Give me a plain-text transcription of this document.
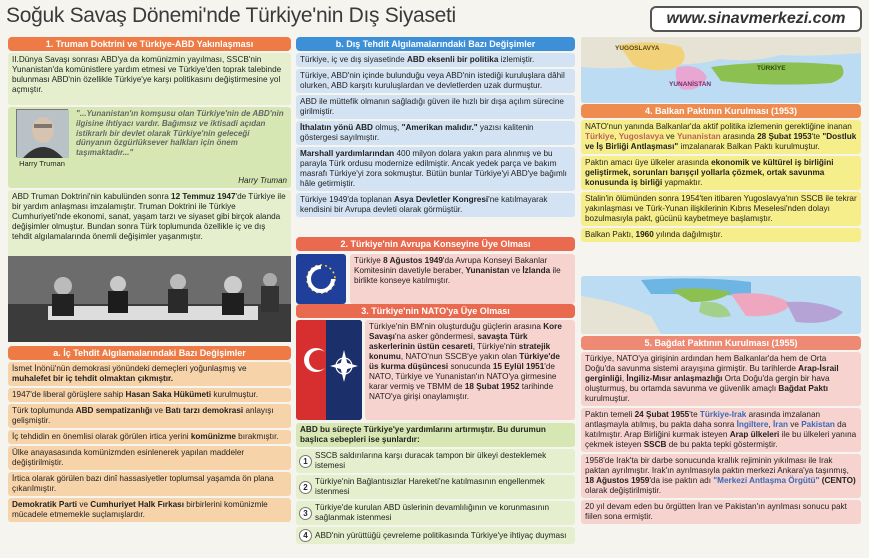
Soğuk Savaş Dönemi'nde Türkiye'nin Dış Siyaseti	www.sinavmerkezi.com
1. Truman Doktrini ve Türkiye-ABD Yakınlaşması
II.Dünya Savaşı sonrası ABD'ya da komünizmin yayılması, SSCB'nin Yunanistan'da komünistlere yardım etmesi ve Türkiye'den toprak talebinde bulunması ABD'nin özellikle Türkiye'ye karşı politikasını değiştirmesine yol açmıştır.
Harry Truman
"...Yunanistan'ın komşusu olan Türkiye'nin de ABD'nin ilgisine ihtiyacı vardır. Bağımsız ve iktisadi açıdan istikrarlı bir devlet olarak Türkiye'nin geleceği dünyanın özgürlüksever halkları için önem taşımaktadır..."
Harry Truman
ABD Truman Doktrini'nin kabulünden sonra 12 Temmuz 1947'de Türkiye ile bir yardım anlaşması imzalamıştır. Truman Doktrini ile Türkiye Cumhuriyeti'nde ekonomi, sanat, yaşam tarzı ve siyaset gibi birçok alanda değişimler olmuştur. Bundan sonra Türk toplumunda özellikle iç ve dış tehdit algılamalarında önemli değişimler yaşanmıştır.
a. İç Tehdit Algılamalarındaki Bazı Değişimler
İsmet İnönü'nün demokrasi yönündeki demeçleri yoğunlaşmış ve muhalefet bir iç tehdit olmaktan çıkmıştır.
1947'de liberal görüşlere sahip Hasan Saka Hükümeti kurulmuştur.
Türk toplumunda ABD sempatizanlığı ve Batı tarzı demokrasi anlayışı gelişmiştir.
İç tehdidin en önemlisi olarak görülen irtica yerini komünizme bırakmıştır.
Ülke anayasasında komünizmden esinlenerek yapılan maddeler değiştirilmiştir.
İrtica olarak görülen bazı dinî hassasiyetler toplumsal yaşamda ön plana çıkarılmıştır.
Demokratik Parti ve Cumhuriyet Halk Fırkası birbirlerini komünizmle mücadele etmemekle suçlamışlardır.
b. Dış Tehdit Algılamalarındaki Bazı Değişimler
Türkiye, iç ve dış siyasetinde ABD eksenli bir politika izlemiştir.
Türkiye, ABD'nin içinde bulunduğu veya ABD'nin istediği kuruluşlara dâhil olurken, ABD karşıtı kuruluşlardan ve devletlerden uzak durmuştur.
ABD ile müttefik olmanın sağladığı güven ile hızlı bir dışa açılım sürecine girilmiştir.
İthalatın yönü ABD olmuş, "Amerikan malıdır." yazısı kalitenin göstergesi sayılmıştır.
Marshall yardımlarından 400 milyon dolara yakın para alınmış ve bu parayla Türk ordusu modernize edilmiştir. Ancak yedek parça ve bakım masrafı Türkiye'yi zora sokmuştur. Bütün bunlar Türkiye'yi ABD'ye bağımlı hâle getirmiştir.
Türkiye 1949'da toplanan Asya Devletler Kongresi'ne katılmayarak kendisini bir Avrupa devleti olarak görmüştür.
2. Türkiye'nin Avrupa Konseyine Üye Olması
Türkiye 8 Ağustos 1949'da Avrupa Konseyi Bakanlar Komitesinin davetiyle beraber, Yunanistan ve İzlanda ile birlikte konseye katılmıştır.
3. Türkiye'nin NATO'ya Üye Olması
Türkiye'nin BM'nin oluşturduğu güçlerin arasına Kore Savaşı'na asker göndermesi, savaşta Türk askerlerinin üstün cesareti, Türkiye'nin stratejik konumu, NATO'nun SSCB'ye yakın olan Türkiye'de üs kurma düşüncesi sonucunda 15 Eylül 1951'de NATO, Türkiye ve Yunanistan'ın NATO'ya girmesine karar vermiş ve TBMM de 18 Şubat 1952 tarihinde NATO'ya girişi onaylamıştır.
ABD bu süreçte Türkiye'ye yardımlarını artırmıştır. Bu durumun başlıca sebepleri ise şunlardır:
1
SSCB saldırılarına karşı duracak tampon bir ülkeyi desteklemek istemesi
2
Türkiye'nin Bağlantısızlar Hareketi'ne katılmasının engellenmek istenmesi
3
Türkiye'de kurulan ABD üslerinin devamlılığının ve korunmasının sağlanmak istenmesi
4 ABD'nin yürüttüğü çevreleme politikasında Türkiye'ye ihtiyaç duyması
YUGOSLAVYA
YUNANİSTAN
TÜRKİYE
4. Balkan Paktının Kurulması (1953)
NATO'nun yanında Balkanlar'da aktif politika izlemenin gerektiğine inanan Türkiye, Yugoslavya ve Yunanistan arasında 28 Şubat 1953'te "Dostluk ve İş Birliği Antlaşması" imzalanarak Balkan Paktı kurulmuştur.
Paktın amacı üye ülkeler arasında ekonomik ve kültürel iş birliğini geliştirmek, sorunları barışçıl yollarla çözmek, ortak savunma konusunda iş birliği yapmaktır.
Stalin'in ölümünden sonra 1954'ten itibaren Yugoslavya'nın SSCB ile tekrar yakınlaşması ve Türk-Yunan ilişkilerinin Kıbrıs Meselesi'nden dolayı bozulmasıyla pakt, gücünü kaybetmeye başlamıştır.
Balkan Paktı, 1960 yılında dağılmıştır.
5. Bağdat Paktının Kurulması (1955)
Türkiye, NATO'ya girişinin ardından hem Balkanlar'da hem de Orta Doğu'da savunma sistemi arayışına girmiştir. Bu tarihlerde Arap-İsrail gerginliği, İngiliz-Mısır anlaşmazlığı Orta Doğu'da gergin bir hava oluşturmuş, bu ortamda savunma ve güvenlik amaçlı Bağdat Paktı kurulmuştur.
Paktın temeli 24 Şubat 1955'te Türkiye-Irak arasında imzalanan antlaşmayla atılmış, bu pakta daha sonra İngiltere, İran ve Pakistan da katılmıştır. Arap Birliğini kurmak isteyen Arap ülkeleri ile bu ülkeleri yanına çekmek isteyen SSCB de bu pakta tepki göstermiştir.
1958'de Irak'ta bir darbe sonucunda krallık rejiminin yıkılması ile Irak paktan ayrılmıştır. Irak'ın ayrılmasıyla paktın merkezi Ankara'ya taşınmış, 18 Ağustos 1959'da ise paktın adı "Merkezi Antlaşma Örgütü" (CENTO) olarak değiştirilmiştir.
20 yıl devam eden bu örgütten İran ve Pakistan'ın ayrılması sonucu pakt fiilen sona ermiştir.
